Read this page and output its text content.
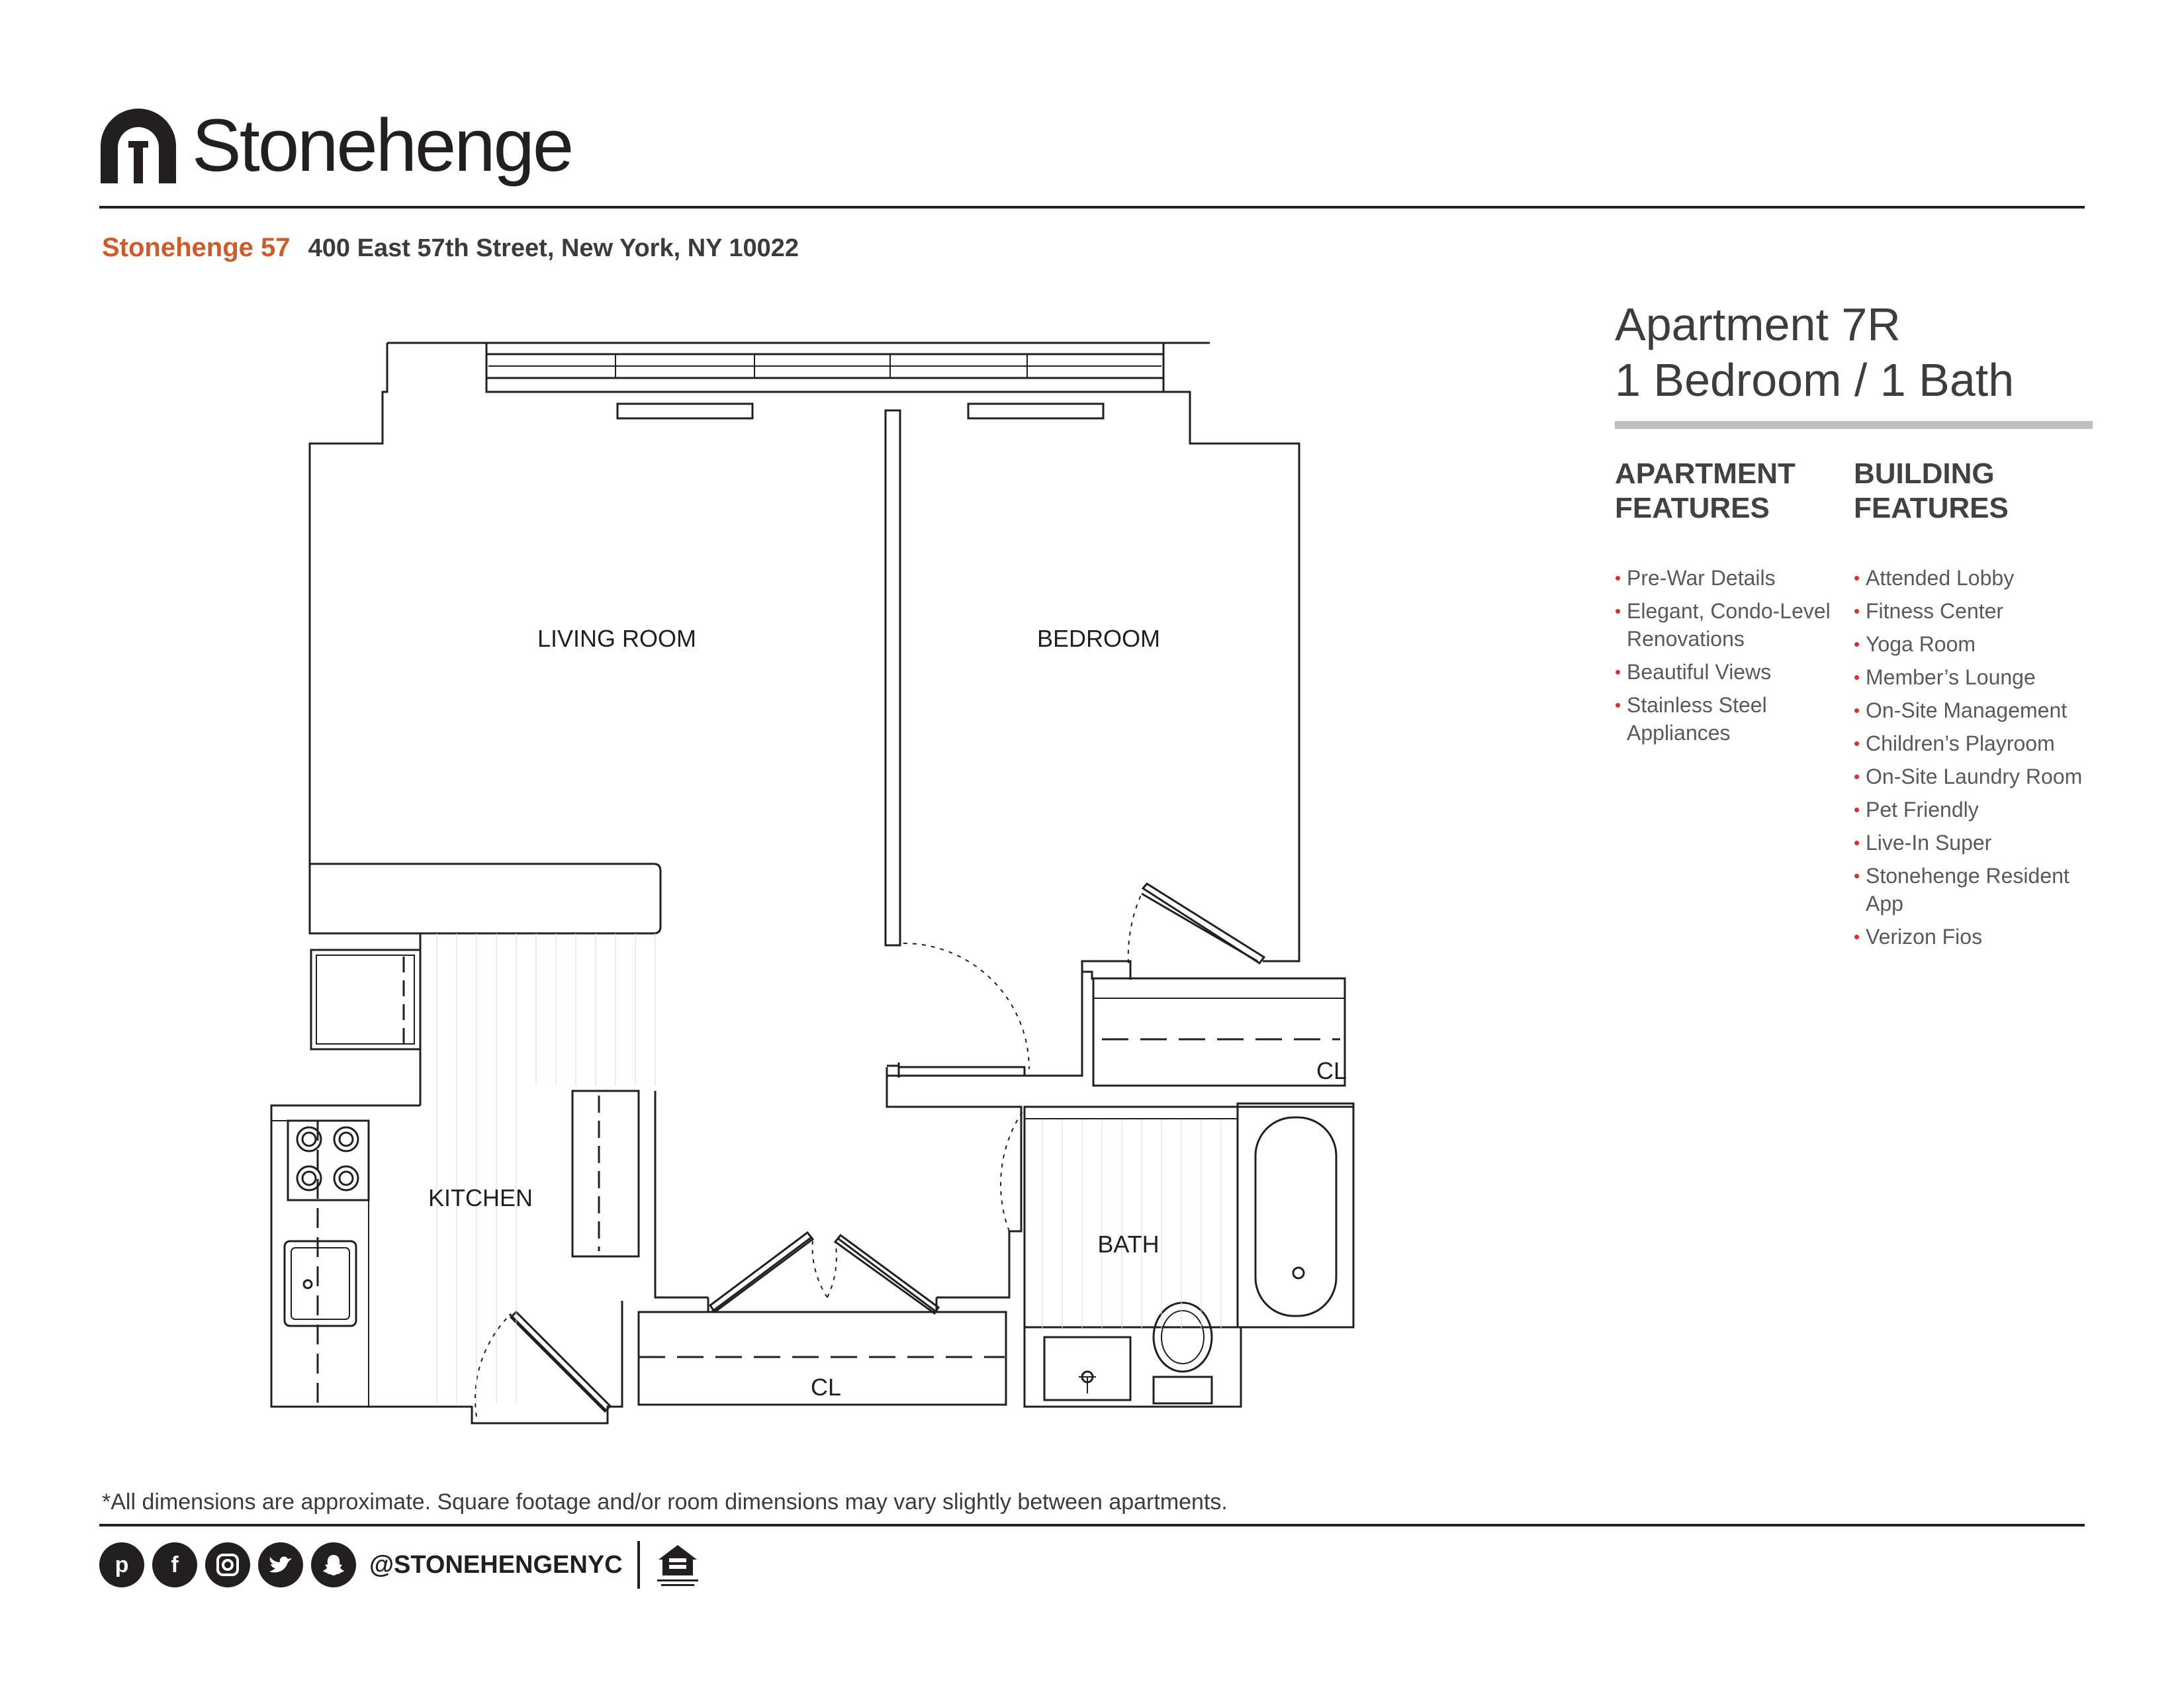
Stonehenge
Stonehenge 57 400 East 57th Street, New York, NY 10022
Apartment 7R
1 Bedroom / 1 Bath
APARTMENT
FEATURES
BUILDING
FEATURES
• Pre-War Details
• Elegant, Condo-Level Renovations
• Beautiful Views
• Stainless Steel Appliances
• Attended Lobby
• Fitness Center
• Yoga Room
• Member’s Lounge
• On-Site Management
• Children’s Playroom
• On-Site Laundry Room
• Pet Friendly
• Live-In Super
• Stonehenge Resident App
• Verizon Fios
LIVING ROOM	BEDROOM
KITCHEN
BATH
CL
CL
*All dimensions are approximate. Square footage and/or room dimensions may vary slightly between apartments.
p	f	@STONEHENGENYC
